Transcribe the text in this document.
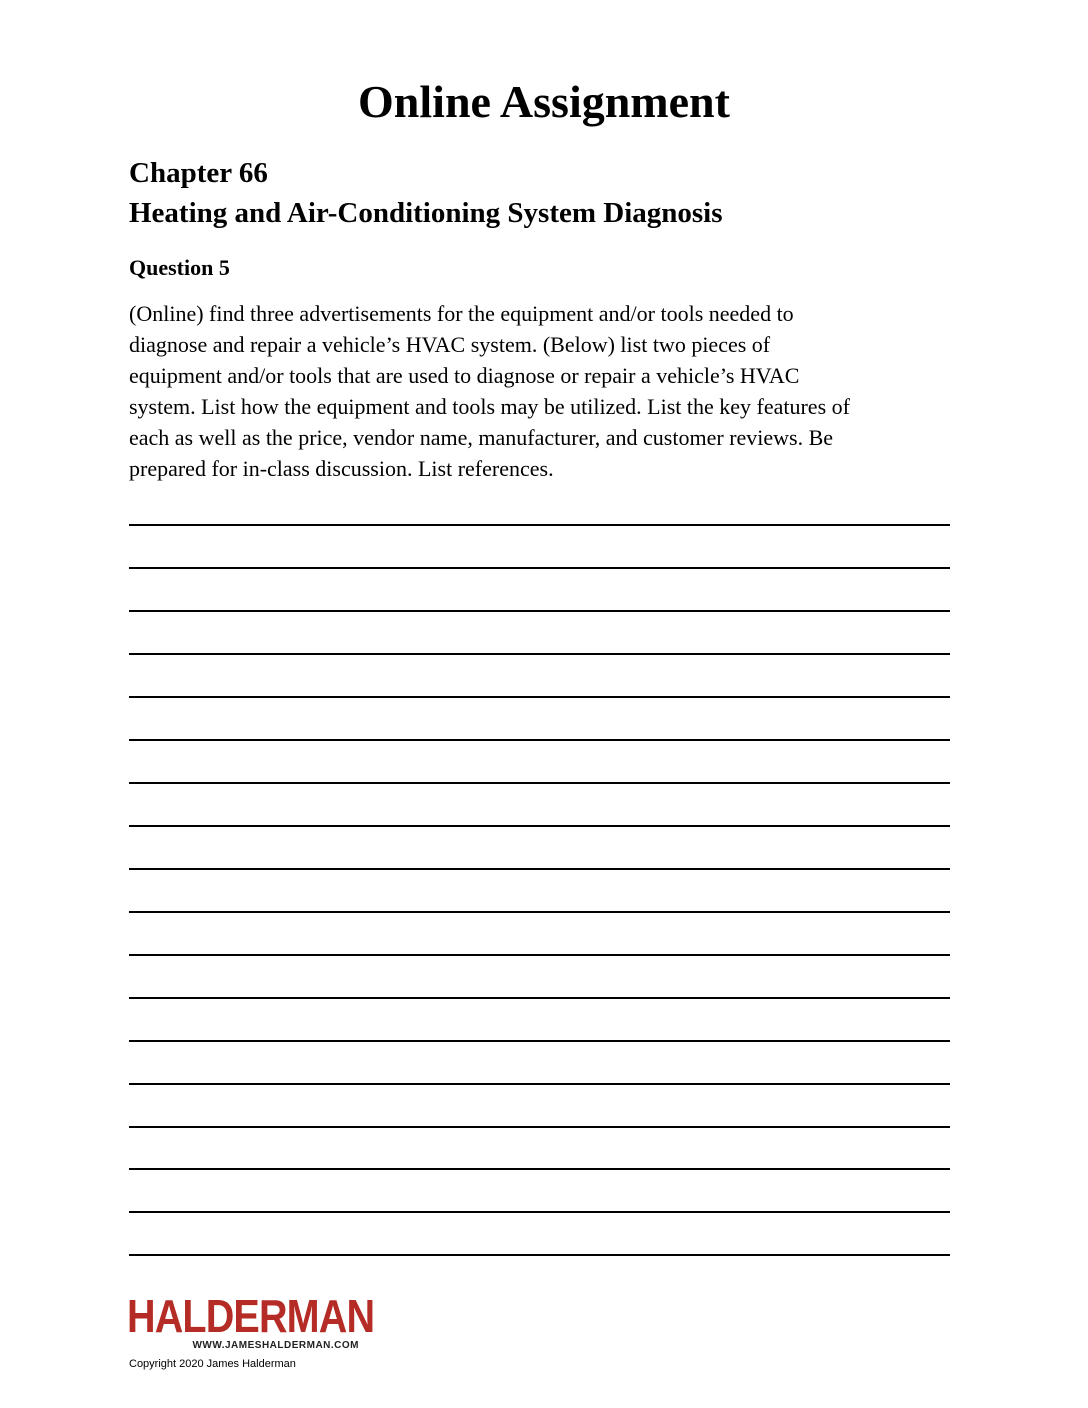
Online Assignment
Chapter 66
Heating and Air-Conditioning System Diagnosis
Question 5
(Online) find three advertisements for the equipment and/or tools needed to
diagnose and repair a vehicle’s HVAC system. (Below) list two pieces of
equipment and/or tools that are used to diagnose or repair a vehicle’s HVAC
system. List how the equipment and tools may be utilized. List the key features of
each as well as the price, vendor name, manufacturer, and customer reviews. Be
prepared for in-class discussion. List references.
HALDERMAN
WWW.JAMESHALDERMAN.COM
Copyright 2020 James Halderman
